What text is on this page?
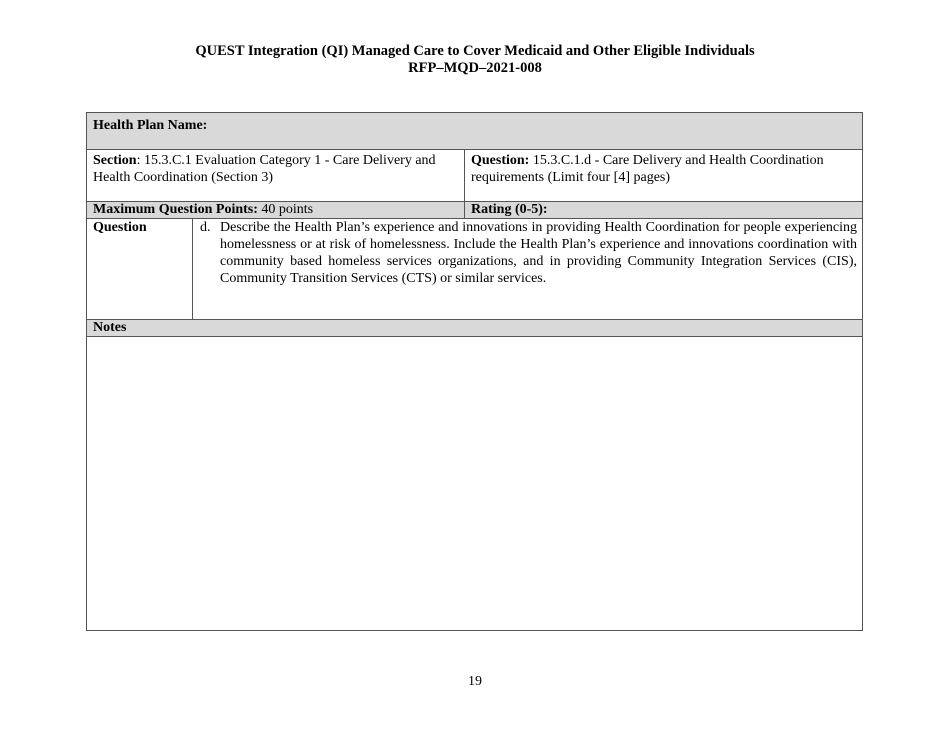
QUEST Integration (QI) Managed Care to Cover Medicaid and Other Eligible Individuals
RFP–MQD–2021-008
Health Plan Name:
Section: 15.3.C.1 Evaluation Category 1 - Care Delivery and Health Coordination (Section 3)
Question: 15.3.C.1.d - Care Delivery and Health Coordination requirements (Limit four [4] pages)
Maximum Question Points: 40 points	Rating (0-5):
Question	d. Describe the Health Plan’s experience and innovations in providing Health Coordination for people experiencing homelessness or at risk of homelessness. Include the Health Plan’s experience and innovations coordination with community based homeless services organizations, and in providing Community Integration Services (CIS), Community Transition Services (CTS) or similar services.
Notes
19
